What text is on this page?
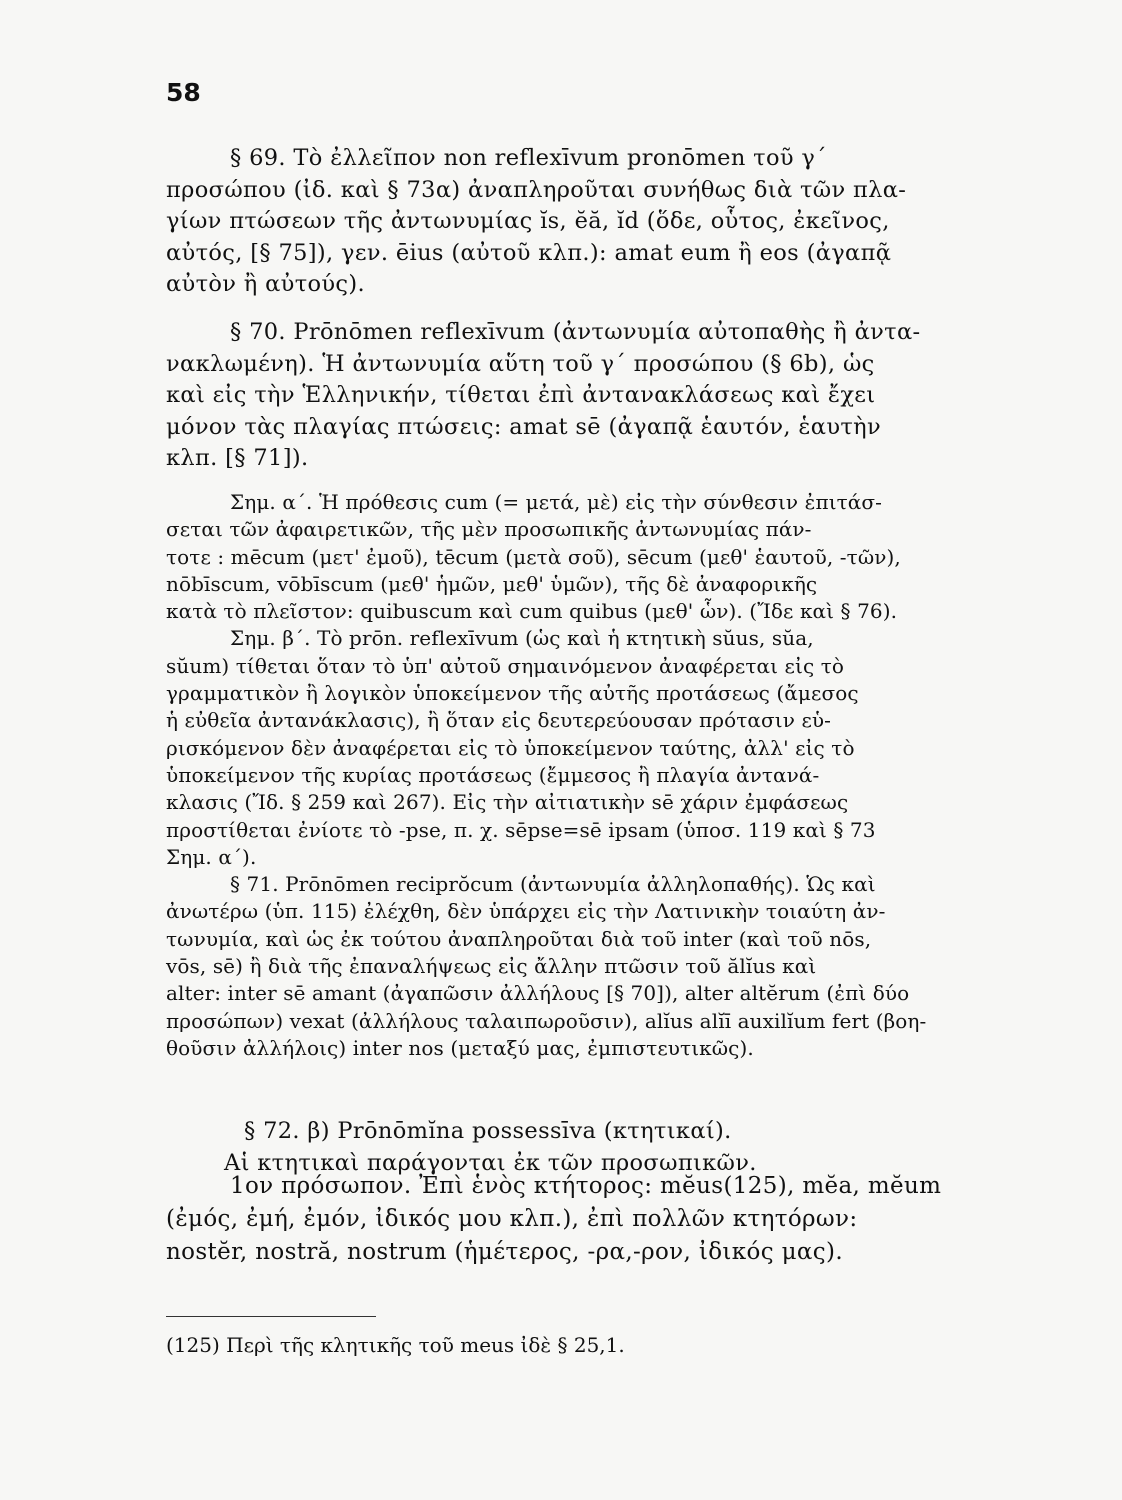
58
§ 69. Τὸ ἐλλεῖπον non reflexīvum pronōmen τοῦ γ΄
προσώπου (ἰδ. καὶ § 73α) ἀναπληροῦται συνήθως διὰ τῶν πλα-
γίων πτώσεων τῆς ἀντωνυμίας ĭs, ĕă, ĭd (ὅδε, οὗτος, ἐκεῖνος,
αὐτός, [§ 75]), γεν. ēius (αὐτοῦ κλπ.): amat eum ἢ eos (ἀγαπᾷ
αὐτὸν ἢ αὐτούς).
§ 70. Prōnōmen reflexīvum (ἀντωνυμία αὐτοπαθὴς ἢ ἀντα-
νακλωμένη). Ἡ ἀντωνυμία αὕτη τοῦ γ΄ προσώπου (§ 6b), ὡς
καὶ εἰς τὴν Ἑλληνικήν, τίθεται ἐπὶ ἀντανακλάσεως καὶ ἔχει
μόνον τὰς πλαγίας πτώσεις: amat sē (ἀγαπᾷ ἑαυτόν, ἑαυτὴν
κλπ. [§ 71]).
Σημ. α΄. Ἡ πρόθεσις cum (= μετά, μὲ) εἰς τὴν σύνθεσιν ἐπιτάσ-
σεται τῶν ἀφαιρετικῶν, τῆς μὲν προσωπικῆς ἀντωνυμίας πάν-
τοτε : mēcum (μετ' ἐμοῦ), tēcum (μετὰ σοῦ), sēcum (μεθ' ἑαυτοῦ, -τῶν),
nōbīscum, vōbīscum (μεθ' ἡμῶν, μεθ' ὑμῶν), τῆς δὲ ἀναφορικῆς
κατὰ τὸ πλεῖστον: quibuscum καὶ cum quibus (μεθ' ὧν). (Ἴδε καὶ § 76).
Σημ. β΄. Τὸ prōn. reflexīvum (ὡς καὶ ἡ κτητικὴ sŭus, sŭa,
sŭum) τίθεται ὅταν τὸ ὑπ' αὐτοῦ σημαινόμενον ἀναφέρεται εἰς τὸ
γραμματικὸν ἢ λογικὸν ὑποκείμενον τῆς αὐτῆς προτάσεως (ἄμεσος
ἡ εὐθεῖα ἀντανάκλασις), ἢ ὅταν εἰς δευτερεύουσαν πρότασιν εὑ-
ρισκόμενον δὲν ἀναφέρεται εἰς τὸ ὑποκείμενον ταύτης, ἀλλ' εἰς τὸ
ὑποκείμενον τῆς κυρίας προτάσεως (ἔμμεσος ἢ πλαγία ἀντανά-
κλασις (Ἴδ. § 259 καὶ 267). Εἰς τὴν αἰτιατικὴν sē χάριν ἐμφάσεως
προστίθεται ἐνίοτε τὸ -pse, π. χ. sēpse=sē ipsam (ὑποσ. 119 καὶ § 73
Σημ. α΄).
§ 71. Prōnōmen reciprŏcum (ἀντωνυμία ἀλληλοπαθής). Ὡς καὶ
ἀνωτέρω (ὑπ. 115) ἐλέχθη, δὲν ὑπάρχει εἰς τὴν Λατινικὴν τοιαύτη ἀν-
τωνυμία, καὶ ὡς ἐκ τούτου ἀναπληροῦται διὰ τοῦ inter (καὶ τοῦ nōs,
vōs, sē) ἢ διὰ τῆς ἐπαναλήψεως εἰς ἄλλην πτῶσιν τοῦ ălĭus καὶ
alter: inter sē amant (ἀγαπῶσιν ἀλλήλους [§ 70]), alter altĕrum (ἐπὶ δύο
προσώπων) vexat (ἀλλήλους ταλαιπωροῦσιν), alĭus alĭī auxilĭum fert (βοη-
θοῦσιν ἀλλήλοις) inter nos (μεταξύ μας, ἐμπιστευτικῶς).
§ 72. β) Prōnōmĭna possessīva (κτητικαί).
Αἱ κτητικαὶ παράγονται ἐκ τῶν προσωπικῶν.
1ον πρόσωπον. Ἐπὶ ἑνὸς κτήτορος: mĕus(125), mĕa, mĕum
(ἐμός, ἐμή, ἐμόν, ἰδικός μου κλπ.), ἐπὶ πολλῶν κτητόρων:
nostĕr, nostră, nostrum (ἡμέτερος, -ρα,-ρον, ἰδικός μας).
(125) Περὶ τῆς κλητικῆς τοῦ meus ἰδὲ § 25,1.
